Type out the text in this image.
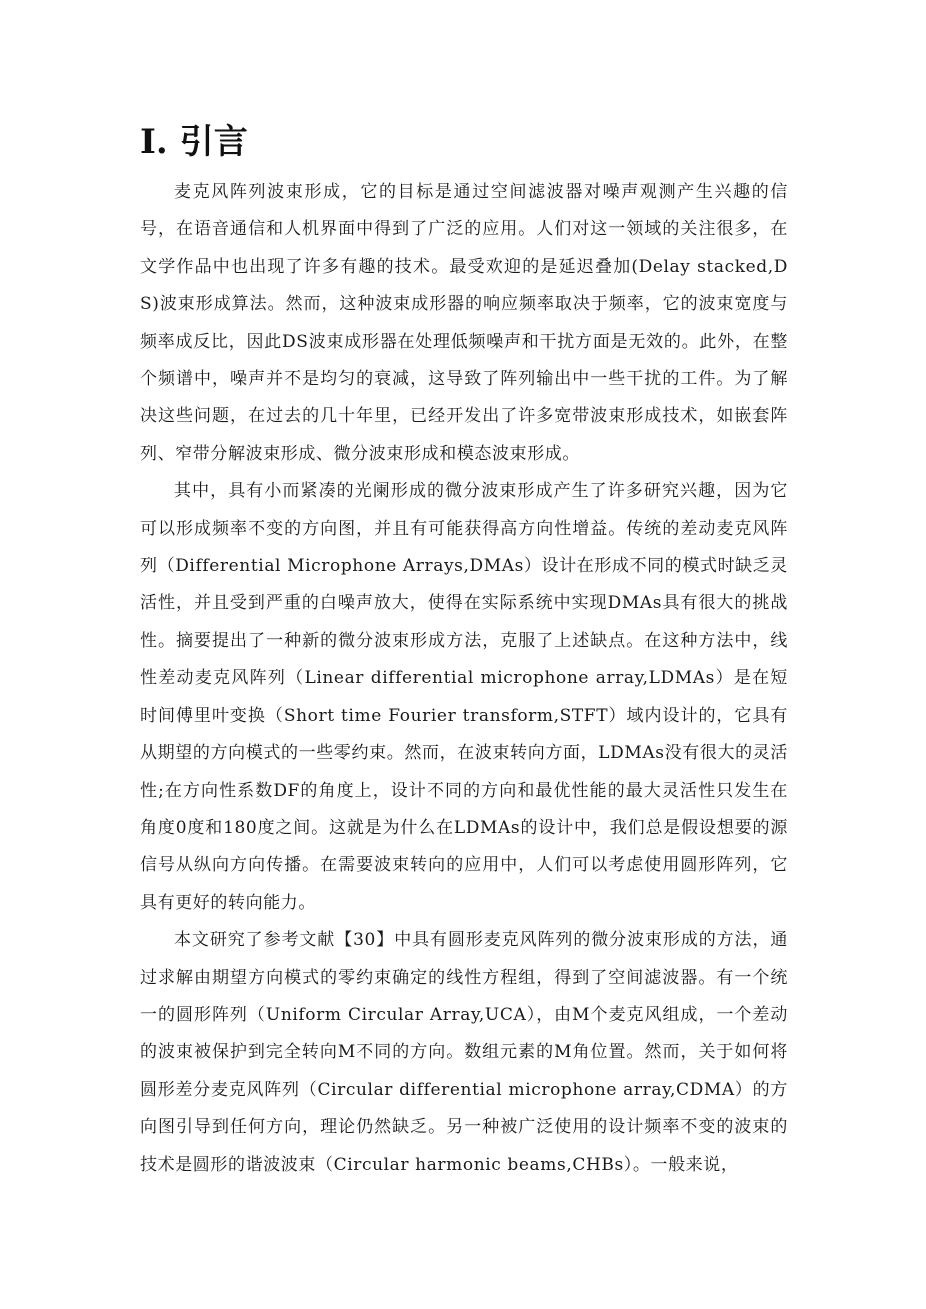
I. 引言

麦克风阵列波束形成，它的目标是通过空间滤波器对噪声观测产生兴趣的信号，在语音通信和人机界面中得到了广泛的应用。人们对这一领域的关注很多，在文学作品中也出现了许多有趣的技术。最受欢迎的是延迟叠加(Delay stacked,DS)波束形成算法。然而，这种波束成形器的响应频率取决于频率，它的波束宽度与频率成反比，因此DS波束成形器在处理低频噪声和干扰方面是无效的。此外，在整个频谱中，噪声并不是均匀的衰减，这导致了阵列输出中一些干扰的工件。为了解决这些问题，在过去的几十年里，已经开发出了许多宽带波束形成技术，如嵌套阵列、窄带分解波束形成、微分波束形成和模态波束形成。

其中，具有小而紧凑的光阑形成的微分波束形成产生了许多研究兴趣，因为它可以形成频率不变的方向图，并且有可能获得高方向性增益。传统的差动麦克风阵列（Differential Microphone Arrays,DMAs）设计在形成不同的模式时缺乏灵活性，并且受到严重的白噪声放大，使得在实际系统中实现DMAs具有很大的挑战性。摘要提出了一种新的微分波束形成方法，克服了上述缺点。在这种方法中，线性差动麦克风阵列（Linear differential microphone array,LDMAs）是在短时间傅里叶变换（Short time Fourier transform,STFT）域内设计的，它具有从期望的方向模式的一些零约束。然而，在波束转向方面，LDMAs没有很大的灵活性;在方向性系数DF的角度上，设计不同的方向和最优性能的最大灵活性只发生在角度0度和180度之间。这就是为什么在LDMAs的设计中，我们总是假设想要的源信号从纵向方向传播。在需要波束转向的应用中，人们可以考虑使用圆形阵列，它具有更好的转向能力。

本文研究了参考文献【30】中具有圆形麦克风阵列的微分波束形成的方法，通过求解由期望方向模式的零约束确定的线性方程组，得到了空间滤波器。有一个统一的圆形阵列（Uniform Circular Array,UCA），由M个麦克风组成，一个差动的波束被保护到完全转向M不同的方向。数组元素的M角位置。然而，关于如何将圆形差分麦克风阵列（Circular differential microphone array,CDMA）的方向图引导到任何方向，理论仍然缺乏。另一种被广泛使用的设计频率不变的波束的技术是圆形的谐波波束（Circular harmonic beams,CHBs）。一般来说，
